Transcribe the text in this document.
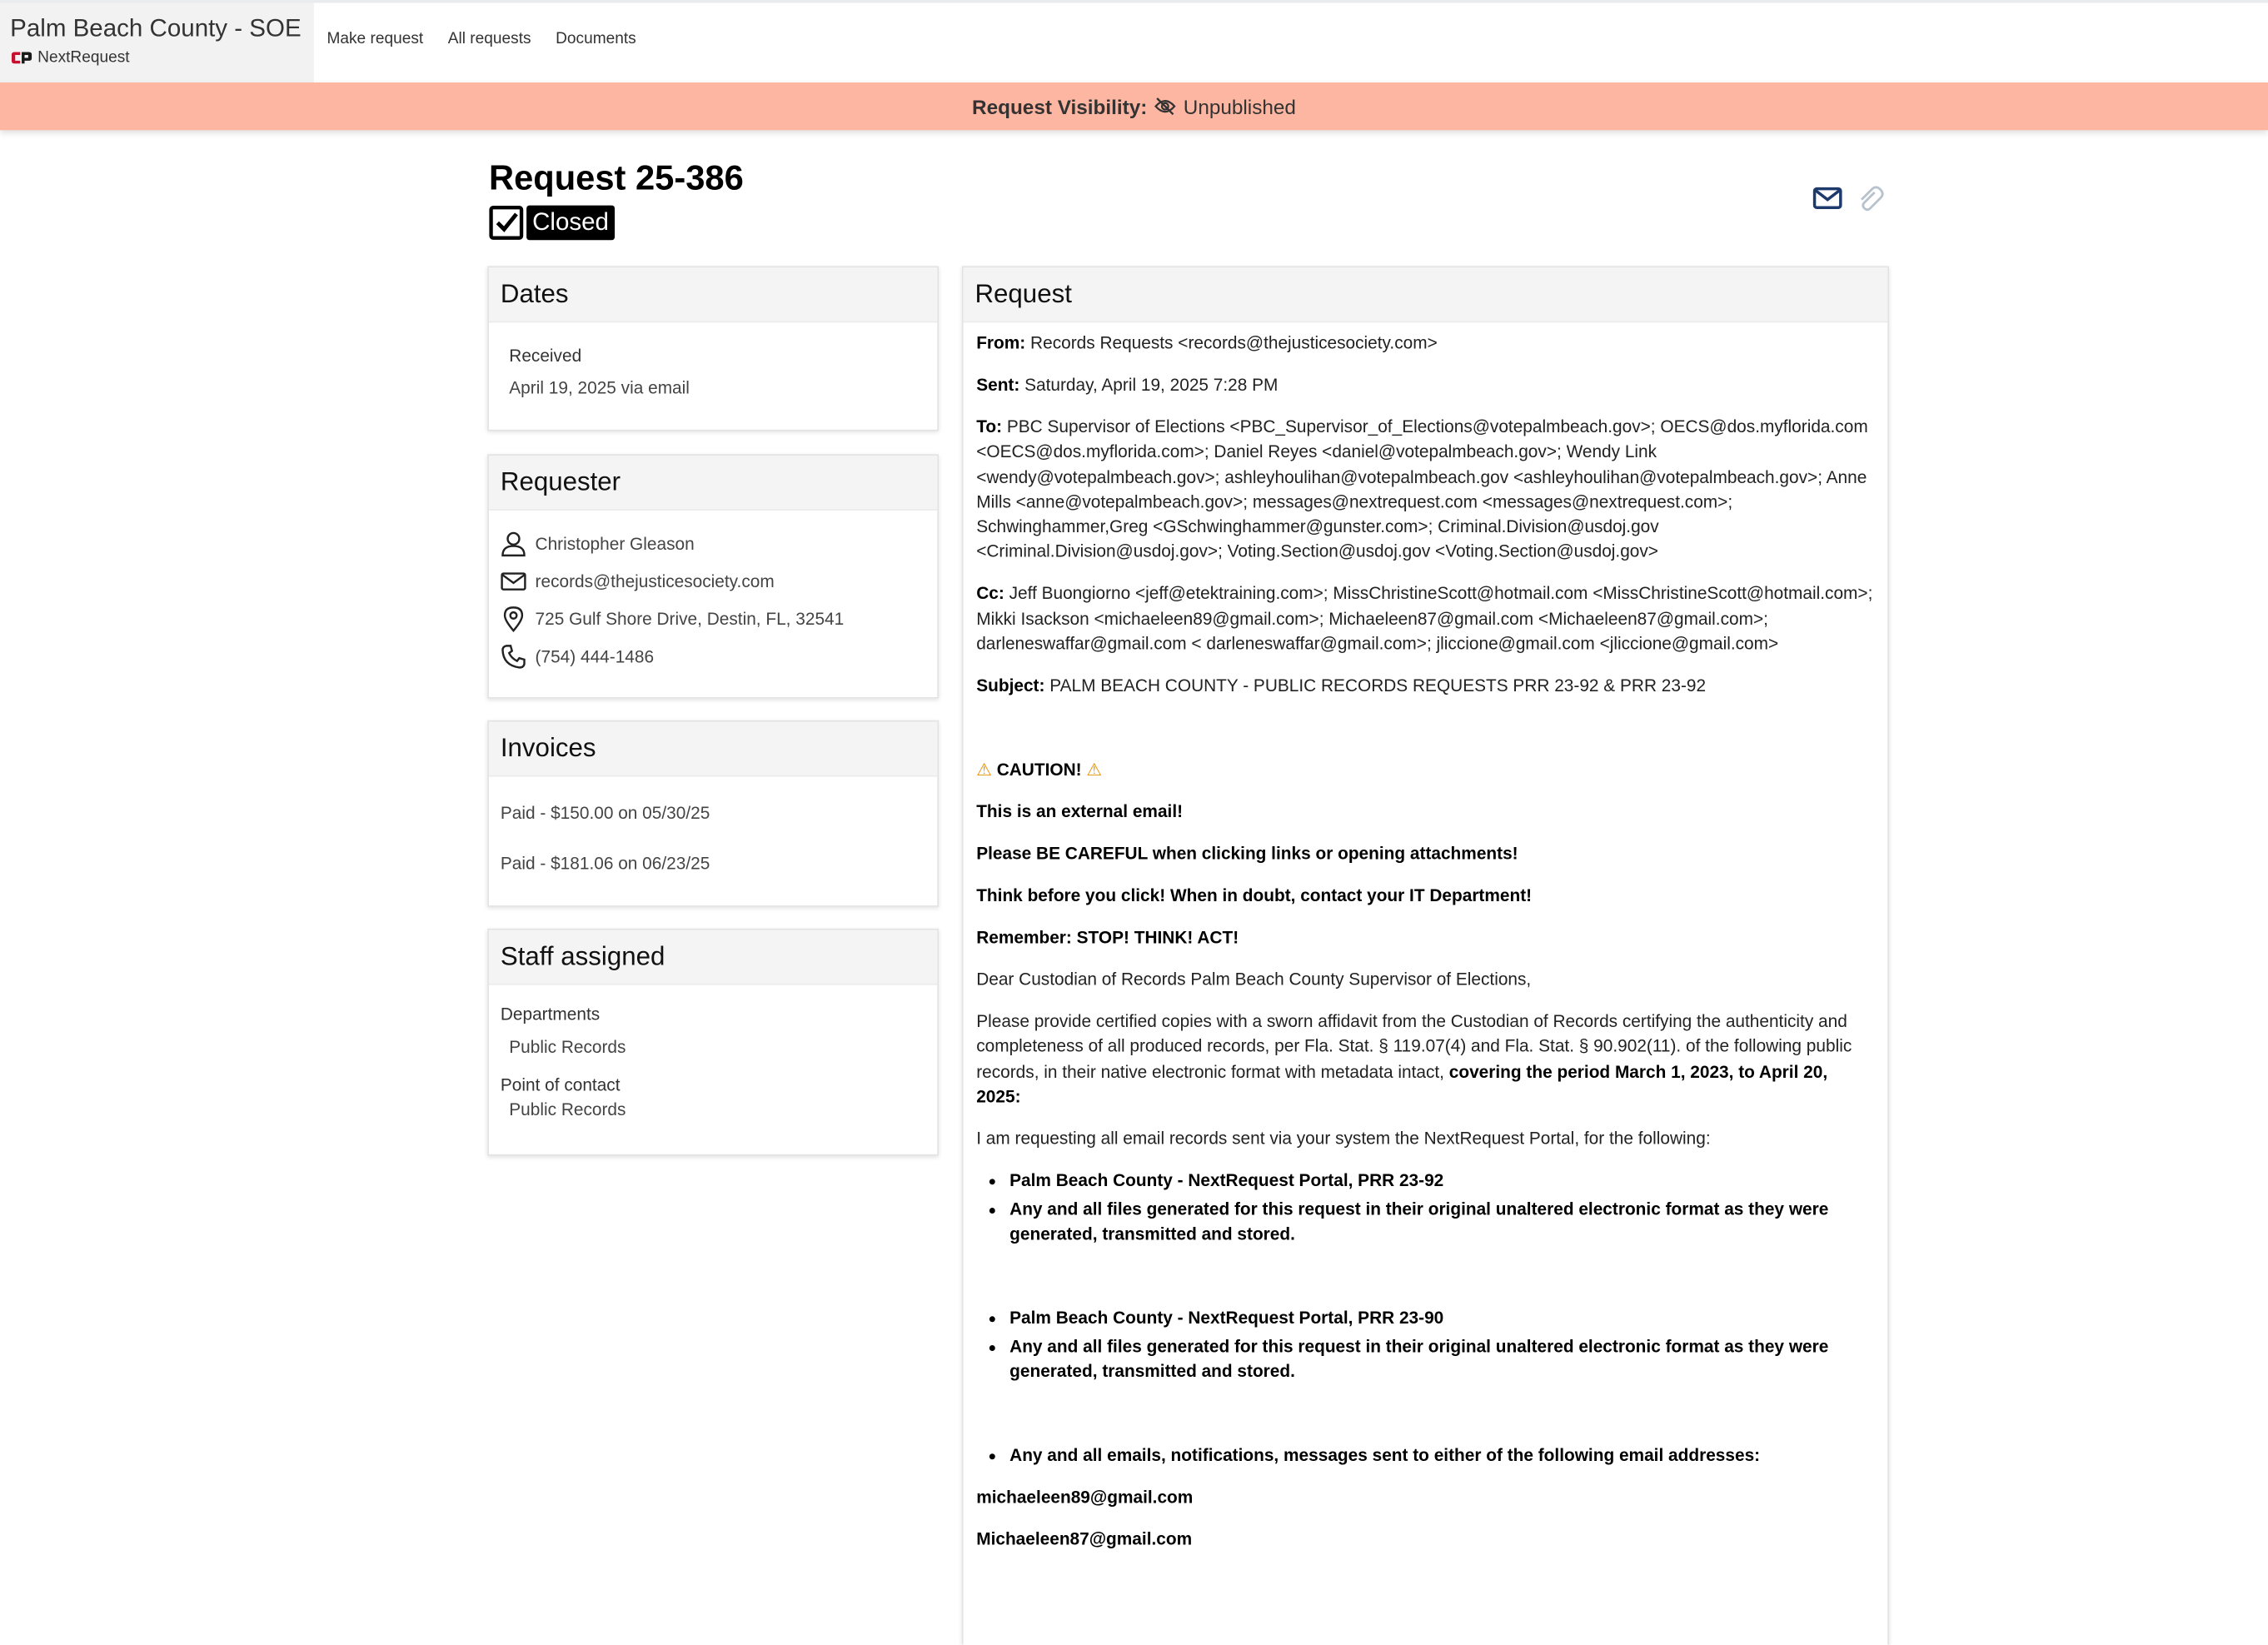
Palm Beach County - SOE
NextRequest
Make request	All requests	Documents
Request Visibility:	Unpublished
Request 25-386
Closed
Dates
Received
April 19, 2025 via email
Requester
Christopher Gleason
records@thejusticesociety.com
725 Gulf Shore Drive, Destin, FL, 32541
(754) 444-1486
Invoices
Paid - $150.00 on 05/30/25
Paid - $181.06 on 06/23/25
Staff assigned
Departments
Public Records
Point of contact
Public Records
Request

From: Records Requests <records@thejusticesociety.com>

Sent: Saturday, April 19, 2025 7:28 PM

To: PBC Supervisor of Elections <PBC_Supervisor_of_Elections@votepalmbeach.gov>; OECS@dos.myflorida.com <OECS@dos.myflorida.com>; Daniel Reyes <daniel@votepalmbeach.gov>; Wendy Link <wendy@votepalmbeach.gov>; ashleyhoulihan@votepalmbeach.gov <ashleyhoulihan@votepalmbeach.gov>; Anne Mills <anne@votepalmbeach.gov>; messages@nextrequest.com <messages@nextrequest.com>; Schwinghammer,Greg <GSchwinghammer@gunster.com>; Criminal.Division@usdoj.gov <Criminal.Division@usdoj.gov>; Voting.Section@usdoj.gov <Voting.Section@usdoj.gov>

Cc: Jeff Buongiorno <jeff@etektraining.com>; MissChristineScott@hotmail.com <MissChristineScott@hotmail.com>; Mikki Isackson <michaeleen89@gmail.com>; Michaeleen87@gmail.com <Michaeleen87@gmail.com>; darleneswaffar@gmail.com < darleneswaffar@gmail.com>; jliccione@gmail.com <jliccione@gmail.com>

Subject: PALM BEACH COUNTY - PUBLIC RECORDS REQUESTS PRR 23-92 & PRR 23-92

⚠ CAUTION! ⚠

This is an external email!

Please BE CAREFUL when clicking links or opening attachments!

Think before you click! When in doubt, contact your IT Department!

Remember: STOP! THINK! ACT!

Dear Custodian of Records Palm Beach County Supervisor of Elections,

Please provide certified copies with a sworn affidavit from the Custodian of Records certifying the authenticity and completeness of all produced records, per Fla. Stat. § 119.07(4) and Fla. Stat. § 90.902(11). of the following public records, in their native electronic format with metadata intact, covering the period March 1, 2023, to April 20, 2025:

I am requesting all email records sent via your system the NextRequest Portal, for the following:

• Palm Beach County - NextRequest Portal, PRR 23-92
• Any and all files generated for this request in their original unaltered electronic format as they were generated, transmitted and stored.

• Palm Beach County - NextRequest Portal, PRR 23-90
• Any and all files generated for this request in their original unaltered electronic format as they were generated, transmitted and stored.

• Any and all emails, notifications, messages sent to either of the following email addresses:

michaeleen89@gmail.com

Michaeleen87@gmail.com
